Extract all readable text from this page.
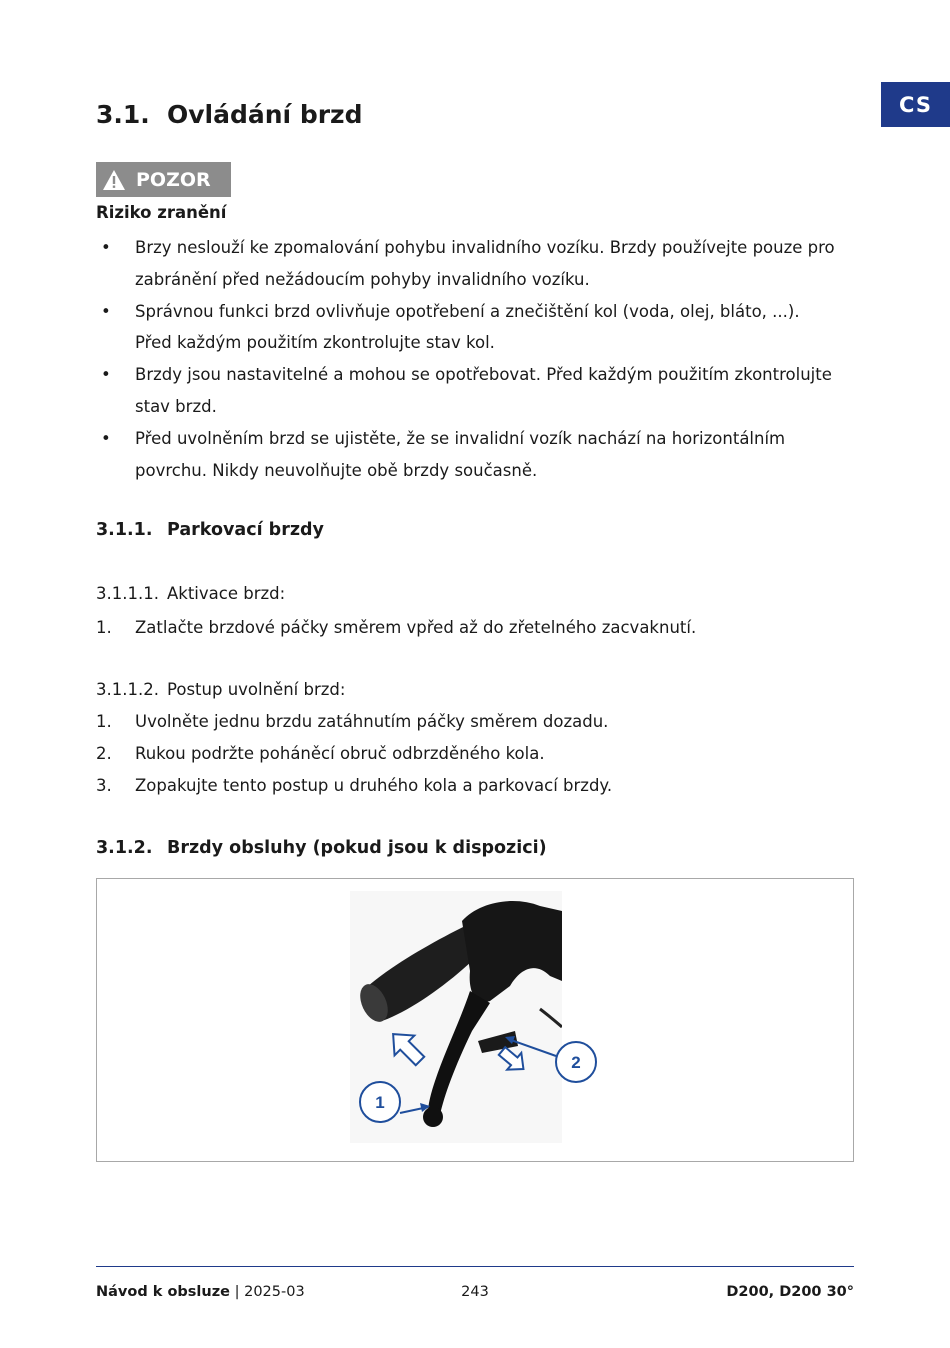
CS
3.1. Ovládání brzd
POZOR
Riziko zranění
• Brzy neslouží ke zpomalování pohybu invalidního vozíku. Brzdy používejte pouze pro zabránění před nežádoucím pohyby invalidního vozíku.
• Správnou funkci brzd ovlivňuje opotřebení a znečištění kol (voda, olej, bláto, ...). Před každým použitím zkontrolujte stav kol.
• Brzdy jsou nastavitelné a mohou se opotřebovat. Před každým použitím zkontrolujte stav brzd.
• Před uvolněním brzd se ujistěte, že se invalidní vozík nachází na horizontálním povrchu. Nikdy neuvolňujte obě brzdy současně.
3.1.1. Parkovací brzdy
3.1.1.1. Aktivace brzd:
1.	Zatlačte brzdové páčky směrem vpřed až do zřetelného zacvaknutí.
3.1.1.2. Postup uvolnění brzd:
1.	Uvolněte jednu brzdu zatáhnutím páčky směrem dozadu.
2.	Rukou podržte poháněcí obruč odbrzděného kola.
3.	Zopakujte tento postup u druhého kola a parkovací brzdy.
3.1.2. Brzdy obsluhy (pokud jsou k dispozici)
1
2
Návod k obsluze | 2025-03	243	D200, D200 30°
